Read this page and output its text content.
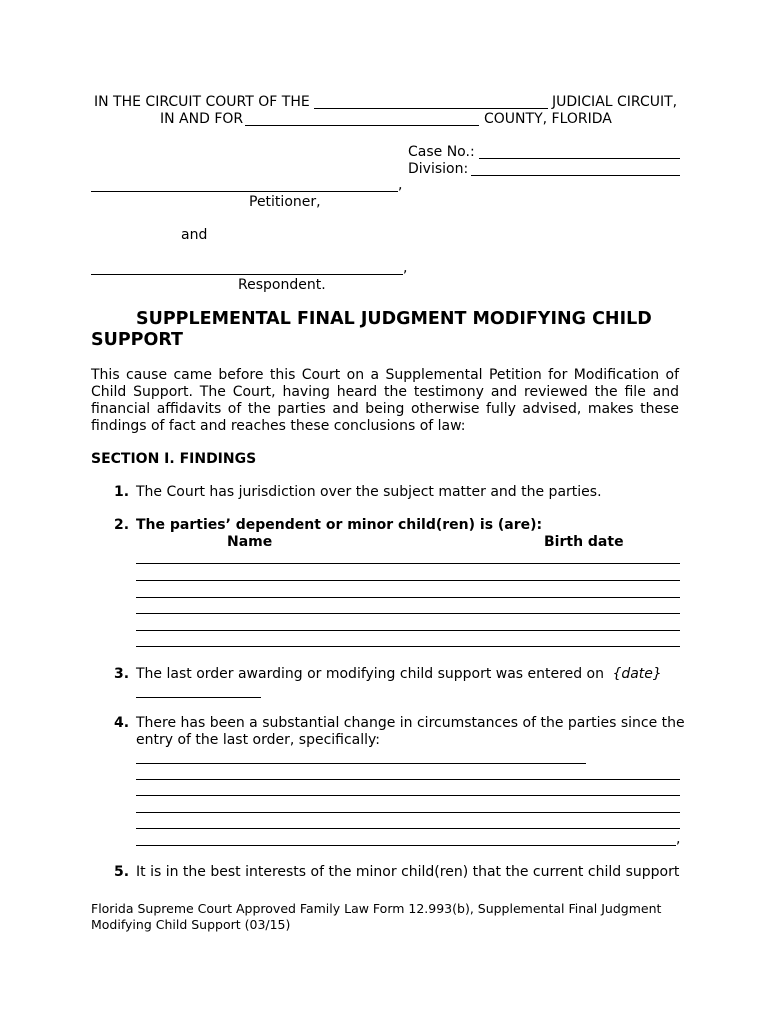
IN THE CIRCUIT COURT OF THE	JUDICIAL CIRCUIT,
IN AND FOR	COUNTY, FLORIDA
Case No.:
Division:
,
Petitioner,
and
,
Respondent.
SUPPLEMENTAL FINAL JUDGMENT MODIFYING CHILD SUPPORT
This cause came before this Court on a Supplemental Petition for Modification of Child Support. The Court, having heard the testimony and reviewed the file and financial affidavits of the parties and being otherwise fully advised, makes these findings of fact and reaches these conclusions of law:
SECTION I. FINDINGS
1. The Court has jurisdiction over the subject matter and the parties.
2. The parties’ dependent or minor child(ren) is (are):
Name	Birth date
3. The last order awarding or modifying child support was entered on {date}
4. There has been a substantial change in circumstances of the parties since the
entry of the last order, specifically:
,
5. It is in the best interests of the minor child(ren) that the current child support
Florida Supreme Court Approved Family Law Form 12.993(b), Supplemental Final Judgment
Modifying Child Support (03/15)
